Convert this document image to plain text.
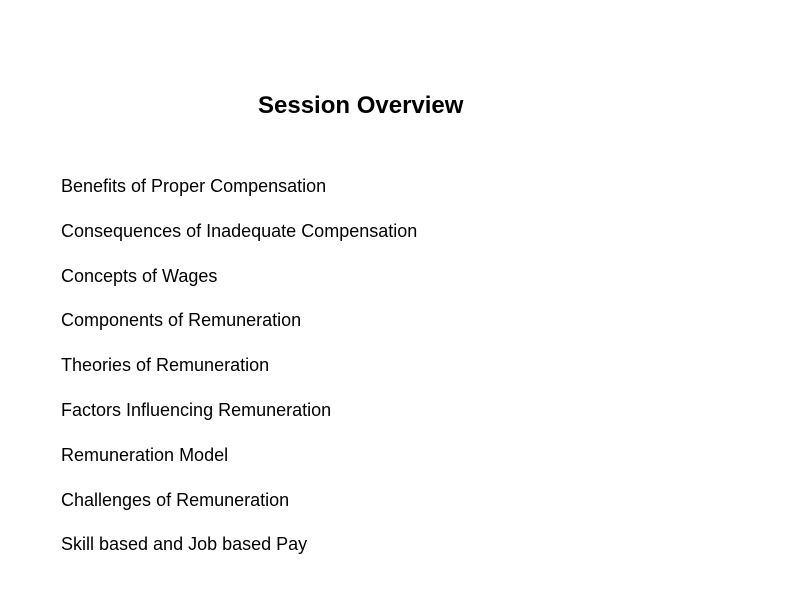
Session Overview
Benefits of Proper Compensation
Consequences of Inadequate Compensation
Concepts of Wages
Components of Remuneration
Theories of Remuneration
Factors Influencing Remuneration
Remuneration Model
Challenges of Remuneration
Skill based and Job based Pay
